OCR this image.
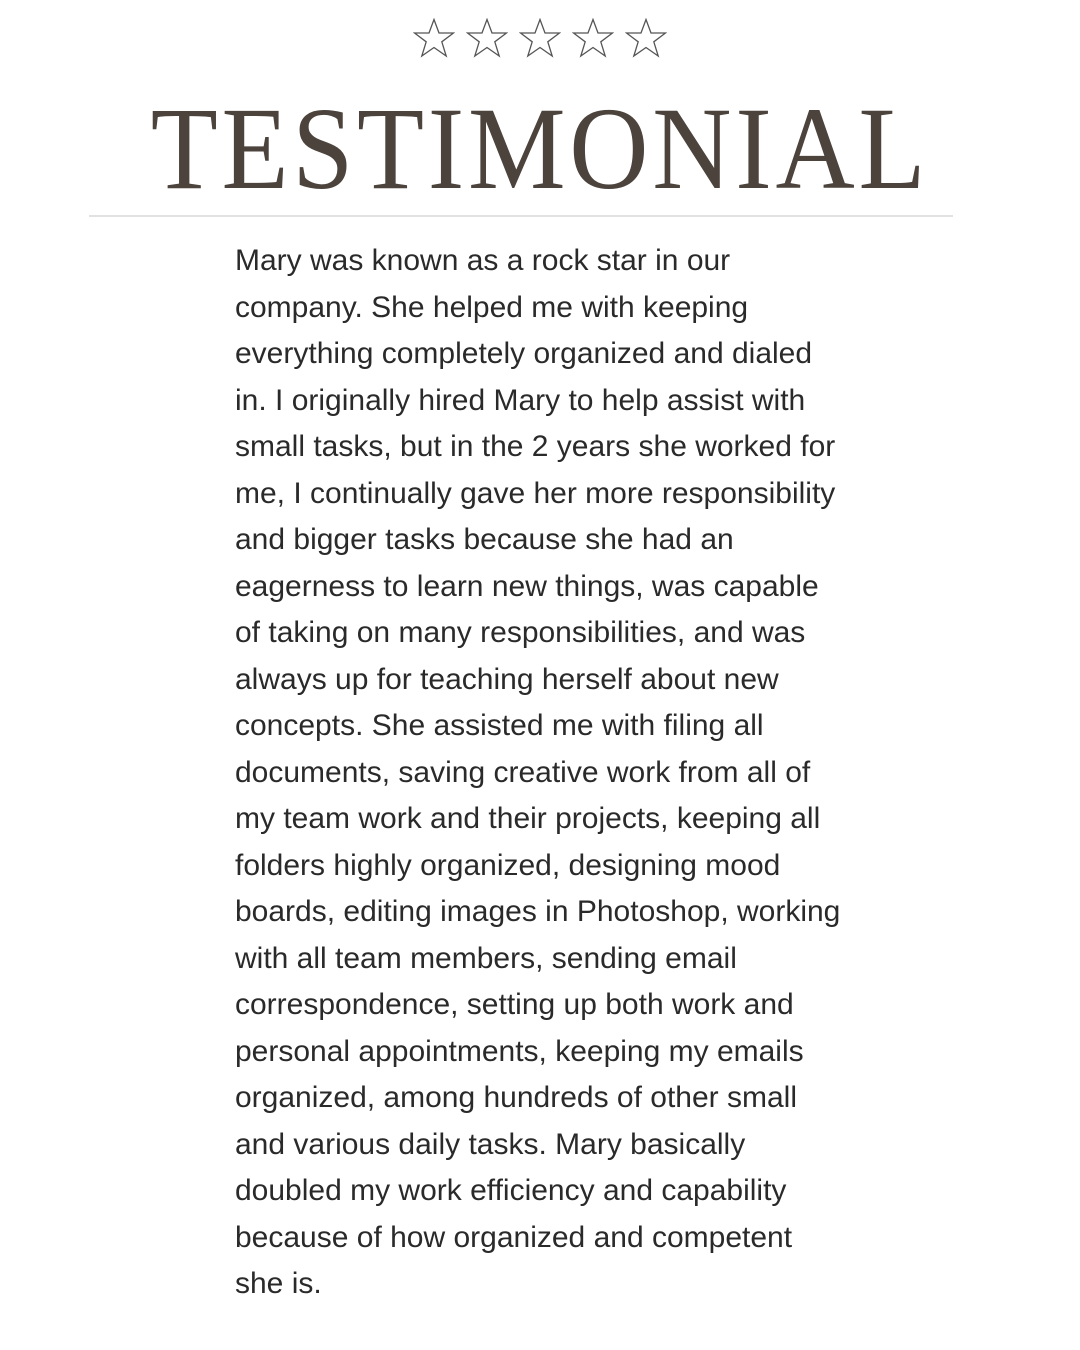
TESTIMONIAL

Mary was known as a rock star in our
company. She helped me with keeping
everything completely organized and dialed
in. I originally hired Mary to help assist with
small tasks, but in the 2 years she worked for
me, I continually gave her more responsibility
and bigger tasks because she had an
eagerness to learn new things, was capable
of taking on many responsibilities, and was
always up for teaching herself about new
concepts. She assisted me with filing all
documents, saving creative work from all of
my team work and their projects, keeping all
folders highly organized, designing mood
boards, editing images in Photoshop, working
with all team members, sending email
correspondence, setting up both work and
personal appointments, keeping my emails
organized, among hundreds of other small
and various daily tasks. Mary basically
doubled my work efficiency and capability
because of how organized and competent
she is.
